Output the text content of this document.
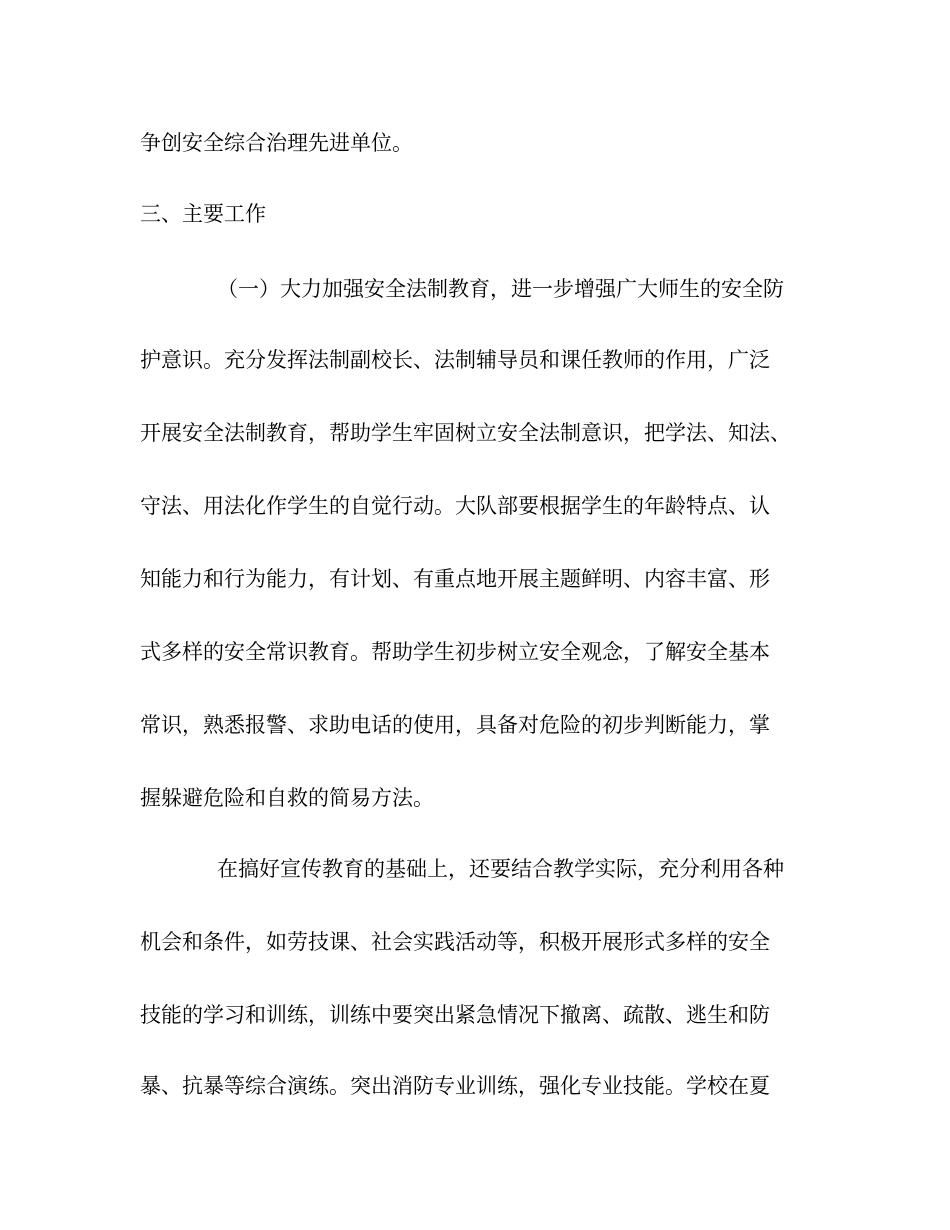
争创安全综合治理先进单位。
三、主要工作
（一）大力加强安全法制教育，进一步增强广大师生的安全防
护意识。充分发挥法制副校长、法制辅导员和课任教师的作用，广泛
开展安全法制教育，帮助学生牢固树立安全法制意识，把学法、知法、
守法、用法化作学生的自觉行动。大队部要根据学生的年龄特点、认
知能力和行为能力，有计划、有重点地开展主题鲜明、内容丰富、形
式多样的安全常识教育。帮助学生初步树立安全观念，了解安全基本
常识，熟悉报警、求助电话的使用，具备对危险的初步判断能力，掌
握躲避危险和自救的简易方法。
在搞好宣传教育的基础上，还要结合教学实际，充分利用各种
机会和条件，如劳技课、社会实践活动等，积极开展形式多样的安全
技能的学习和训练，训练中要突出紧急情况下撤离、疏散、逃生和防
暴、抗暴等综合演练。突出消防专业训练，强化专业技能。学校在夏
